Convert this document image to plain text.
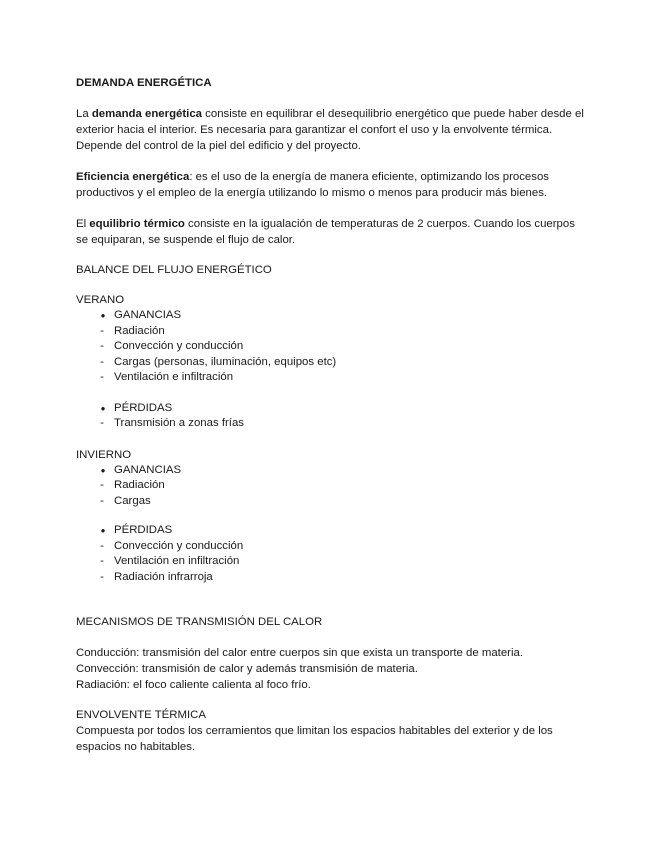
DEMANDA ENERGÉTICA

La demanda energética consiste en equilibrar el desequilibrio energético que puede haber desde el exterior hacia el interior. Es necesaria para garantizar el confort el uso y la envolvente térmica. Depende del control de la piel del edificio y del proyecto.

Eficiencia energética: es el uso de la energía de manera eficiente, optimizando los procesos productivos y el empleo de la energía utilizando lo mismo o menos para producir más bienes.

El equilibrio térmico consiste en la igualación de temperaturas de 2 cuerpos. Cuando los cuerpos se equiparan, se suspende el flujo de calor.

BALANCE DEL FLUJO ENERGÉTICO

VERANO

● GANANCIAS
- Radiación
- Convección y conducción
- Cargas (personas, iluminación, equipos etc)
- Ventilación e infiltración
● PÉRDIDAS
- Transmisión a zonas frías

INVIERNO

● GANANCIAS
- Radiación
- Cargas
● PÉRDIDAS
- Convección y conducción
- Ventilación en infiltración
- Radiación infrarroja

MECANISMOS DE TRANSMISIÓN DEL CALOR

Conducción: transmisión del calor entre cuerpos sin que exista un transporte de materia.

Convección: transmisión de calor y además transmisión de materia.

Radiación: el foco caliente calienta al foco frío.

ENVOLVENTE TÉRMICA

Compuesta por todos los cerramientos que limitan los espacios habitables del exterior y de los espacios no habitables.
